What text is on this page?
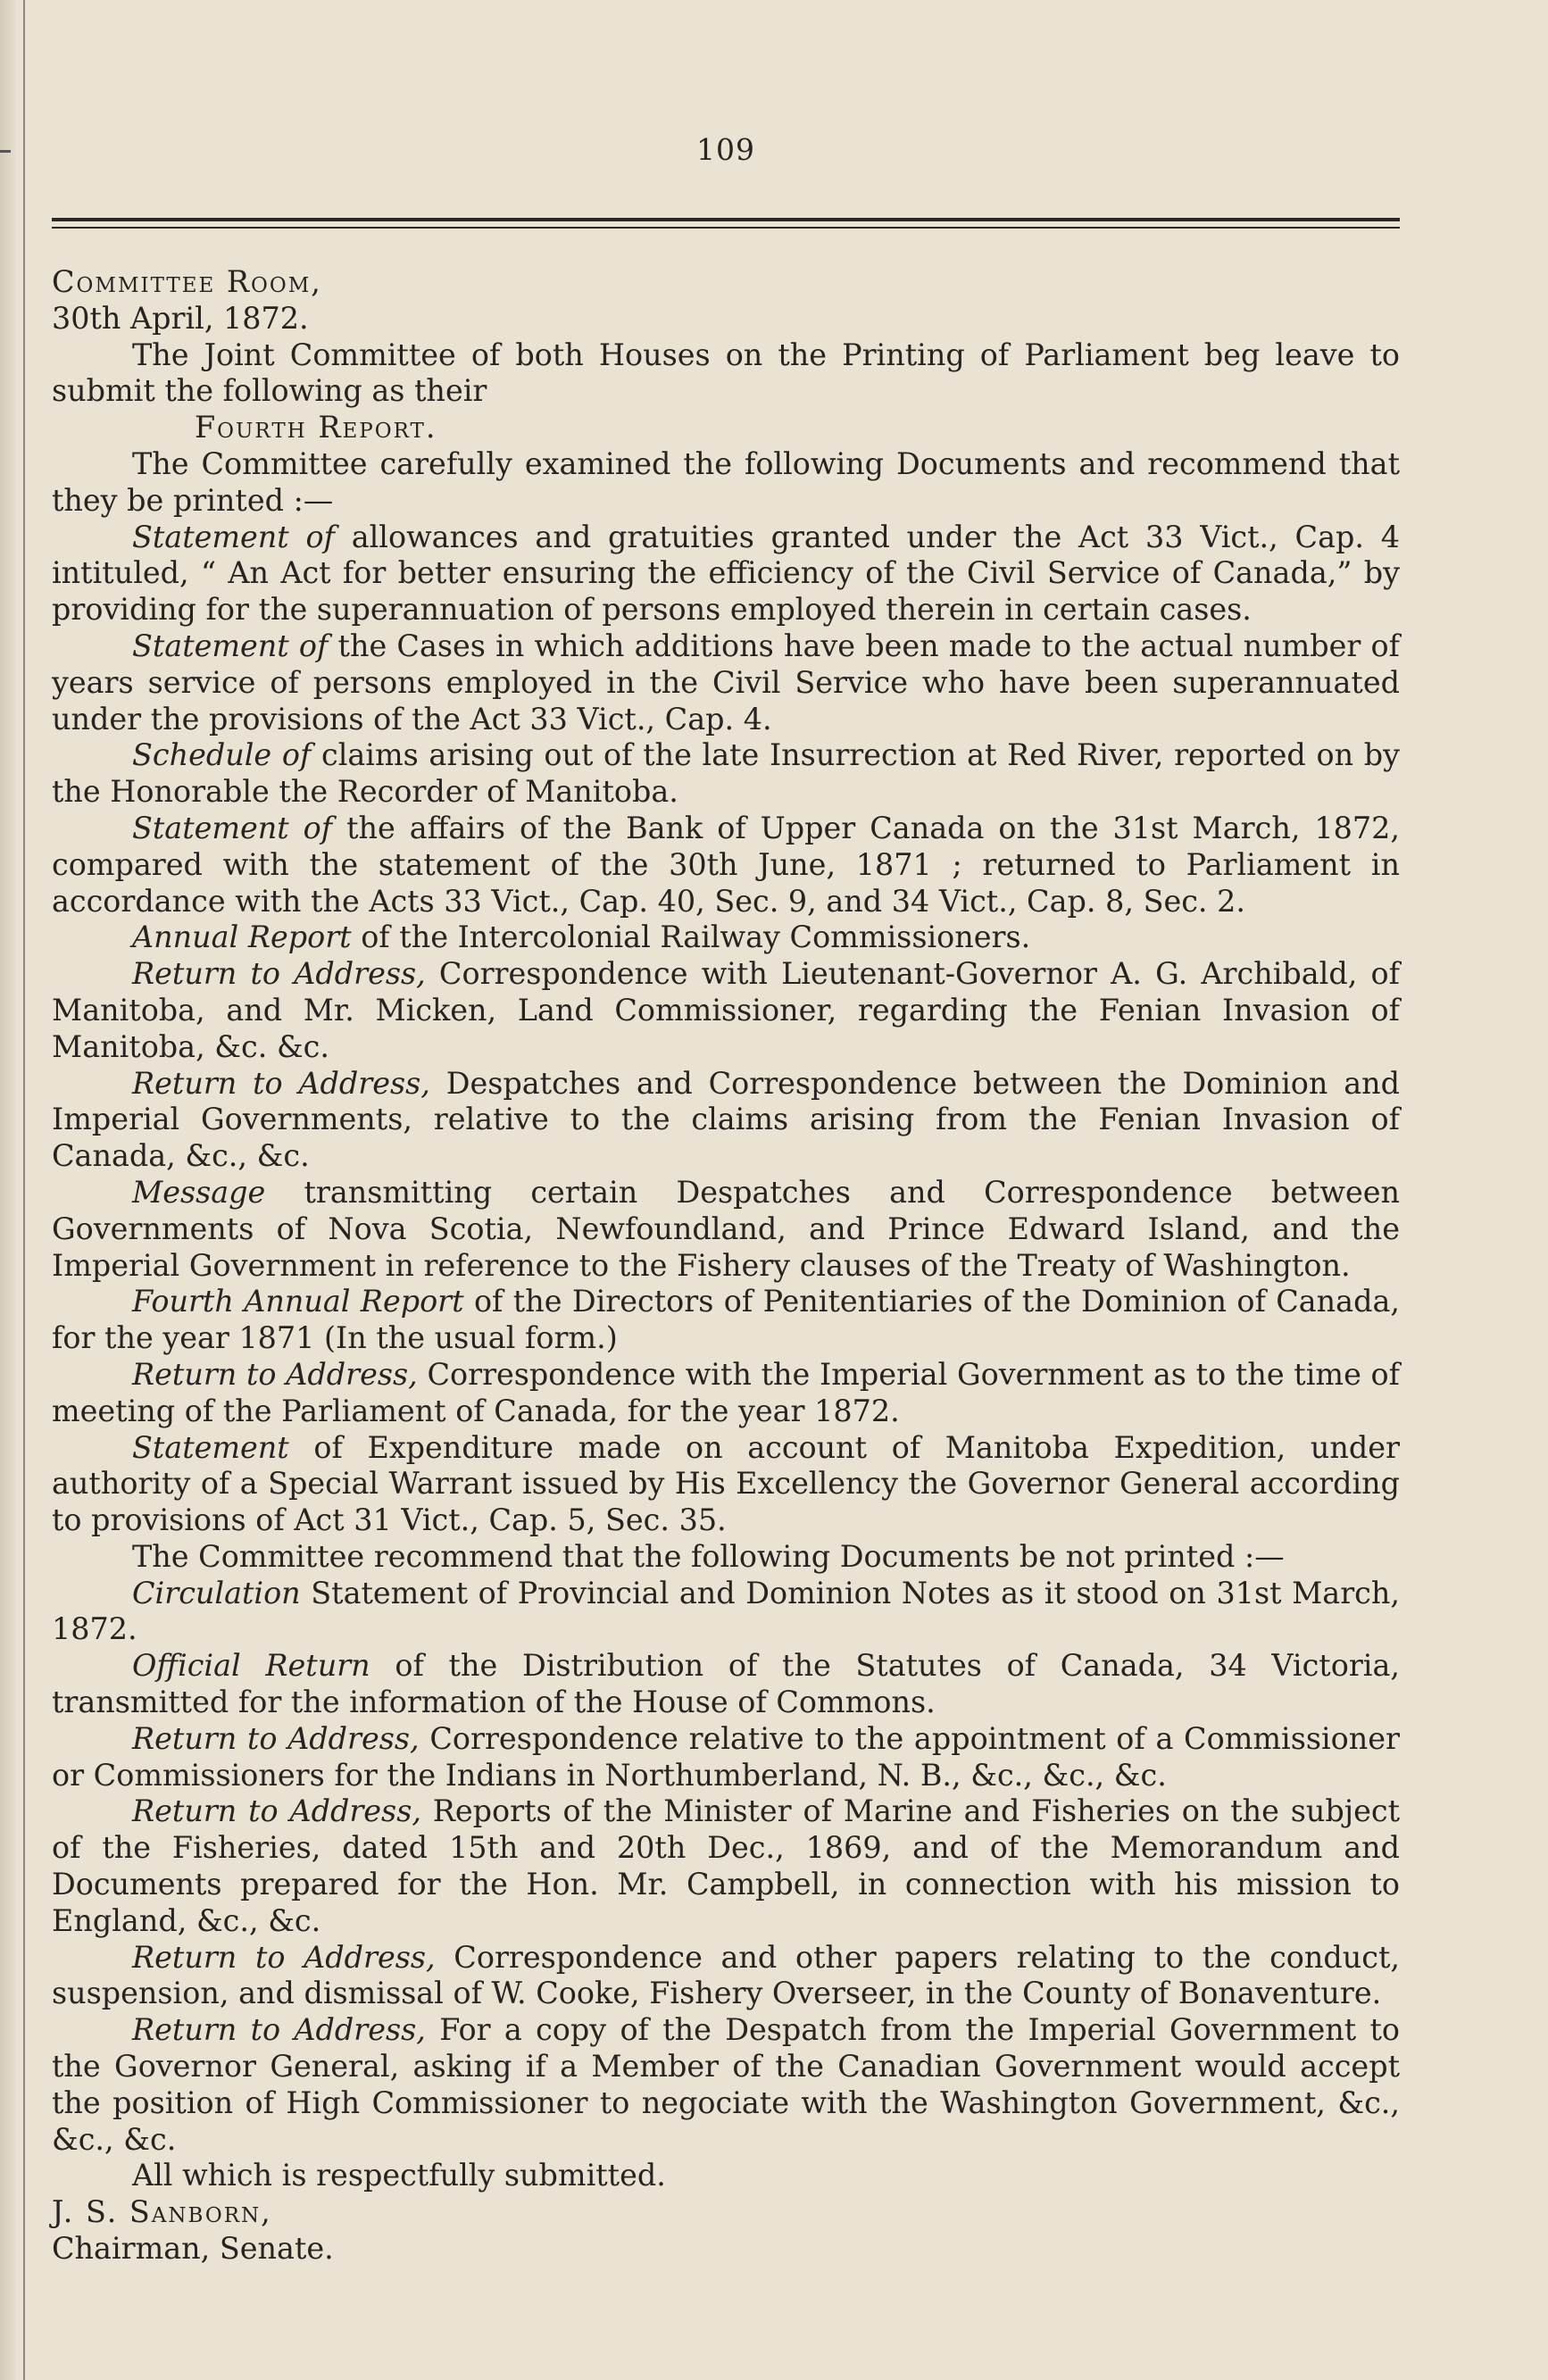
109

Committee Room,

30th April, 1872.

The Joint Committee of both Houses on the Printing of Parliament beg leave to submit the following as their

Fourth Report.

The Committee carefully examined the following Documents and recommend that they be printed :—

Statement of allowances and gratuities granted under the Act 33 Vict., Cap. 4 intituled, “ An Act for better ensuring the efficiency of the Civil Service of Canada,” by providing for the superannuation of persons employed therein in certain cases.

Statement of the Cases in which additions have been made to the actual number of years service of persons employed in the Civil Service who have been superannuated under the provisions of the Act 33 Vict., Cap. 4.

Schedule of claims arising out of the late Insurrection at Red River, reported on by the Honorable the Recorder of Manitoba.

Statement of the affairs of the Bank of Upper Canada on the 31st March, 1872, compared with the statement of the 30th June, 1871 ; returned to Parliament in accordance with the Acts 33 Vict., Cap. 40, Sec. 9, and 34 Vict., Cap. 8, Sec. 2.

Annual Report of the Intercolonial Railway Commissioners.

Return to Address, Correspondence with Lieutenant-Governor A. G. Archibald, of Manitoba, and Mr. Micken, Land Commissioner, regarding the Fenian Invasion of Manitoba, &c. &c.

Return to Address, Despatches and Correspondence between the Dominion and Imperial Governments, relative to the claims arising from the Fenian Invasion of Canada, &c., &c.

Message transmitting certain Despatches and Correspondence between Governments of Nova Scotia, Newfoundland, and Prince Edward Island, and the Imperial Government in reference to the Fishery clauses of the Treaty of Washington.

Fourth Annual Report of the Directors of Penitentiaries of the Dominion of Canada, for the year 1871 (In the usual form.)

Return to Address, Correspondence with the Imperial Government as to the time of meeting of the Parliament of Canada, for the year 1872.

Statement of Expenditure made on account of Manitoba Expedition, under authority of a Special Warrant issued by His Excellency the Governor General according to provisions of Act 31 Vict., Cap. 5, Sec. 35.

The Committee recommend that the following Documents be not printed :—

Circulation Statement of Provincial and Dominion Notes as it stood on 31st March, 1872.

Official Return of the Distribution of the Statutes of Canada, 34 Victoria, transmitted for the information of the House of Commons.

Return to Address, Correspondence relative to the appointment of a Commissioner or Commissioners for the Indians in Northumberland, N. B., &c., &c., &c.

Return to Address, Reports of the Minister of Marine and Fisheries on the subject of the Fisheries, dated 15th and 20th Dec., 1869, and of the Memorandum and Documents prepared for the Hon. Mr. Campbell, in connection with his mission to England, &c., &c.

Return to Address, Correspondence and other papers relating to the conduct, suspension, and dismissal of W. Cooke, Fishery Overseer, in the County of Bonaventure.

Return to Address, For a copy of the Despatch from the Imperial Government to the Governor General, asking if a Member of the Canadian Government would accept the position of High Commissioner to negociate with the Washington Government, &c., &c., &c.

All which is respectfully submitted.

J. S. Sanborn,

Chairman, Senate.
